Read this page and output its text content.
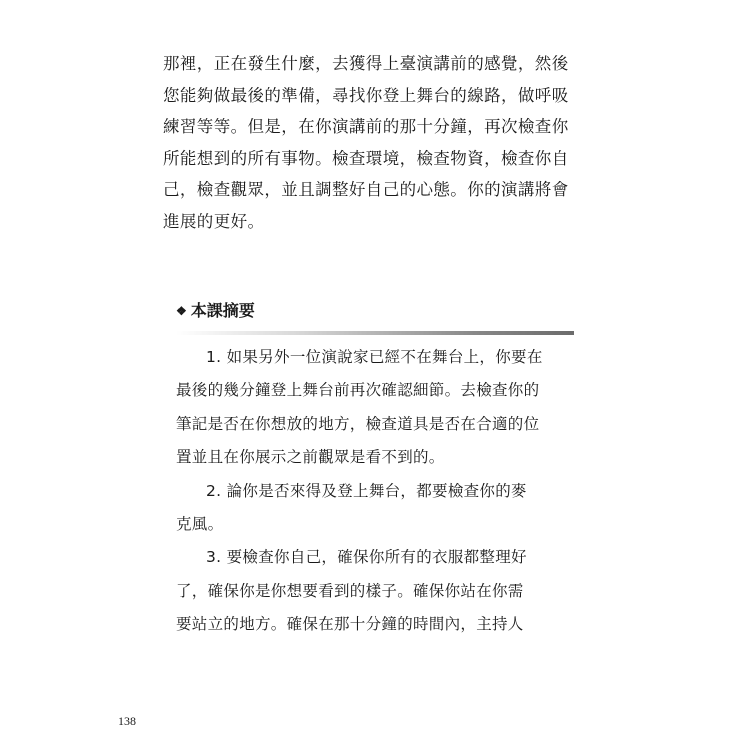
那裡，正在發生什麼，去獲得上臺演講前的感覺，然後
您能夠做最後的準備，尋找你登上舞台的線路，做呼吸
練習等等。但是，在你演講前的那十分鐘，再次檢查你
所能想到的所有事物。檢查環境，檢查物資，檢查你自
己，檢查觀眾，並且調整好自己的心態。你的演講將會
進展的更好。
❖ 本課摘要
1. 如果另外一位演說家已經不在舞台上，你要在
最後的幾分鐘登上舞台前再次確認細節。去檢查你的
筆記是否在你想放的地方，檢查道具是否在合適的位
置並且在你展示之前觀眾是看不到的。
2. 論你是否來得及登上舞台，都要檢查你的麥
克風。
3. 要檢查你自己，確保你所有的衣服都整理好
了，確保你是你想要看到的樣子。確保你站在你需
要站立的地方。確保在那十分鐘的時間內，主持人
138
